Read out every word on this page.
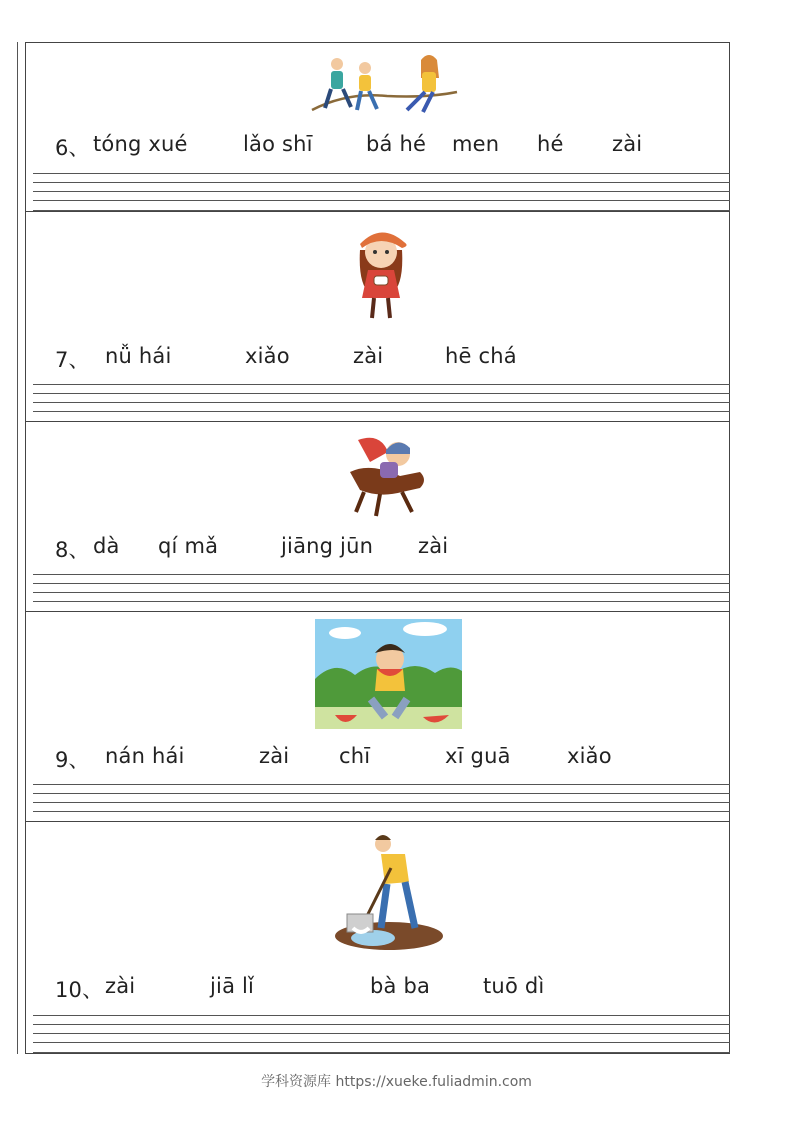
6、 tóng xué	lǎo shī	bá hé men hé zài
7、 nǚ hái	xiǎo	zài	hē chá
8、 dà qí mǎ	jiāng jūn zài
9、 nán hái	zài chī	xī guā	xiǎo
10、 zài	jiā lǐ	bà ba	tuō dì
学科资源库 https://xueke.fuliadmin.com
